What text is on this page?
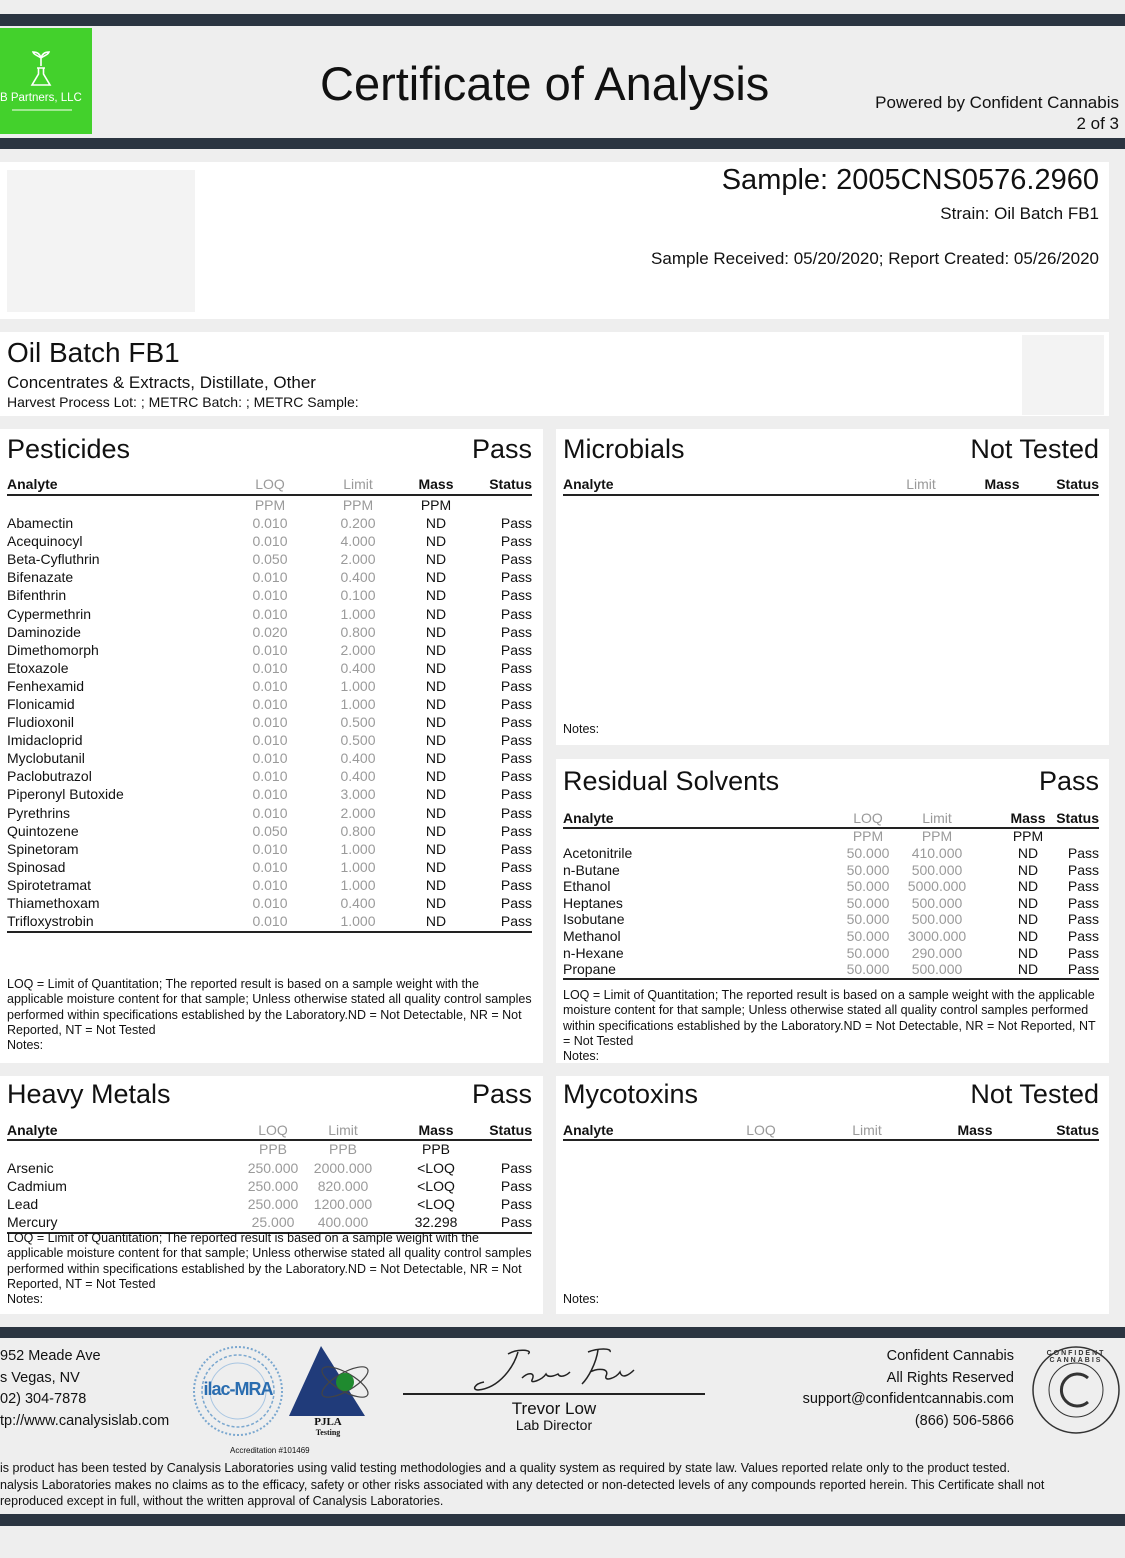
B Partners, LLC	Certificate of Analysis	Powered by Confident Cannabis
2 of 3
Sample: 2005CNS0576.2960
Strain: Oil Batch FB1
Sample Received: 05/20/2020; Report Created: 05/26/2020
Oil Batch FB1
Concentrates & Extracts, Distillate, Other
Harvest Process Lot: ; METRC Batch: ; METRC Sample:
Pesticides	Pass
Analyte	LOQ	Limit	Mass	Status
PPM	PPM	PPM
Abamectin	0.010		0.200		ND	Pass
Acequinocyl	0.010		4.000		ND	Pass
Beta-Cyfluthrin	0.050		2.000		ND	Pass
Bifenazate	0.010		0.400		ND	Pass
Bifenthrin	0.010		0.100		ND	Pass
Cypermethrin	0.010		1.000		ND	Pass
Daminozide	0.020		0.800		ND	Pass
Dimethomorph	0.010		2.000		ND	Pass
Etoxazole	0.010		0.400		ND	Pass
Fenhexamid	0.010		1.000		ND	Pass
Flonicamid	0.010		1.000		ND	Pass
Fludioxonil	0.010		0.500		ND	Pass
Imidacloprid	0.010		0.500		ND	Pass
Myclobutanil	0.010		0.400		ND	Pass
Paclobutrazol	0.010		0.400		ND	Pass
Piperonyl Butoxide	0.010		3.000		ND	Pass
Pyrethrins	0.010		2.000		ND	Pass
Quintozene	0.050		0.800		ND	Pass
Spinetoram	0.010		1.000		ND	Pass
Spinosad	0.010		1.000		ND	Pass
Spirotetramat	0.010		1.000		ND	Pass
Thiamethoxam	0.010		0.400		ND	Pass
Trifloxystrobin	0.010		1.000		ND	Pass
LOQ = Limit of Quantitation; The reported result is based on a sample weight with the applicable moisture content for that sample; Unless otherwise stated all quality control samples performed within specifications established by the Laboratory.ND = Not Detectable, NR = Not Reported, NT = Not Tested
Notes:
Microbials	Not Tested
Analyte	Limit	Mass	Status
Notes:
Residual Solvents	Pass
Analyte	LOQ	Limit	Mass Status
PPM	PPM	PPM
Acetonitrile	50.000		410.000		ND	Pass
n-Butane	50.000		500.000		ND	Pass
Ethanol	50.000		5000.000		ND	Pass
Heptanes	50.000		500.000		ND	Pass
Isobutane	50.000		500.000		ND	Pass
Methanol	50.000		3000.000		ND	Pass
n-Hexane	50.000		290.000		ND	Pass
Propane	50.000		500.000		ND	Pass
LOQ = Limit of Quantitation; The reported result is based on a sample weight with the applicable moisture content for that sample; Unless otherwise stated all quality control samples performed within specifications established by the Laboratory.ND = Not Detectable, NR = Not Reported, NT = Not Tested
Notes:
Heavy Metals	Pass
Analyte	LOQ	Limit	Mass	Status
PPB	PPB	PPB
Arsenic	250.000		2000.000		<LOQ	Pass
Cadmium	250.000		820.000		<LOQ	Pass
Lead	250.000		1200.000		<LOQ	Pass
Mercury	25.000		400.000		32.298	Pass
LOQ = Limit of Quantitation; The reported result is based on a sample weight with the applicable moisture content for that sample; Unless otherwise stated all quality control samples performed within specifications established by the Laboratory.ND = Not Detectable, NR = Not Reported, NT = Not Tested
Notes:
Mycotoxins	Not Tested
Analyte	LOQ	Limit	Mass	Status
Notes:
952 Meade Ave
s Vegas, NV
02) 304-7878
tp://www.canalysislab.com
ilac-MRA
PJLA
Testing
Accreditation #101469
Trevor Low
Lab Director
Confident Cannabis
All Rights Reserved
support@confidentcannabis.com
(866) 506-5866
CONFIDENT CANNABIS
is product has been tested by Canalysis Laboratories using valid testing methodologies and a quality system as required by state law. Values reported relate only to the product tested.
nalysis Laboratories makes no claims as to the efficacy, safety or other risks associated with any detected or non-detected levels of any compounds reported herein. This Certificate shall not
reproduced except in full, without the written approval of Canalysis Laboratories.
